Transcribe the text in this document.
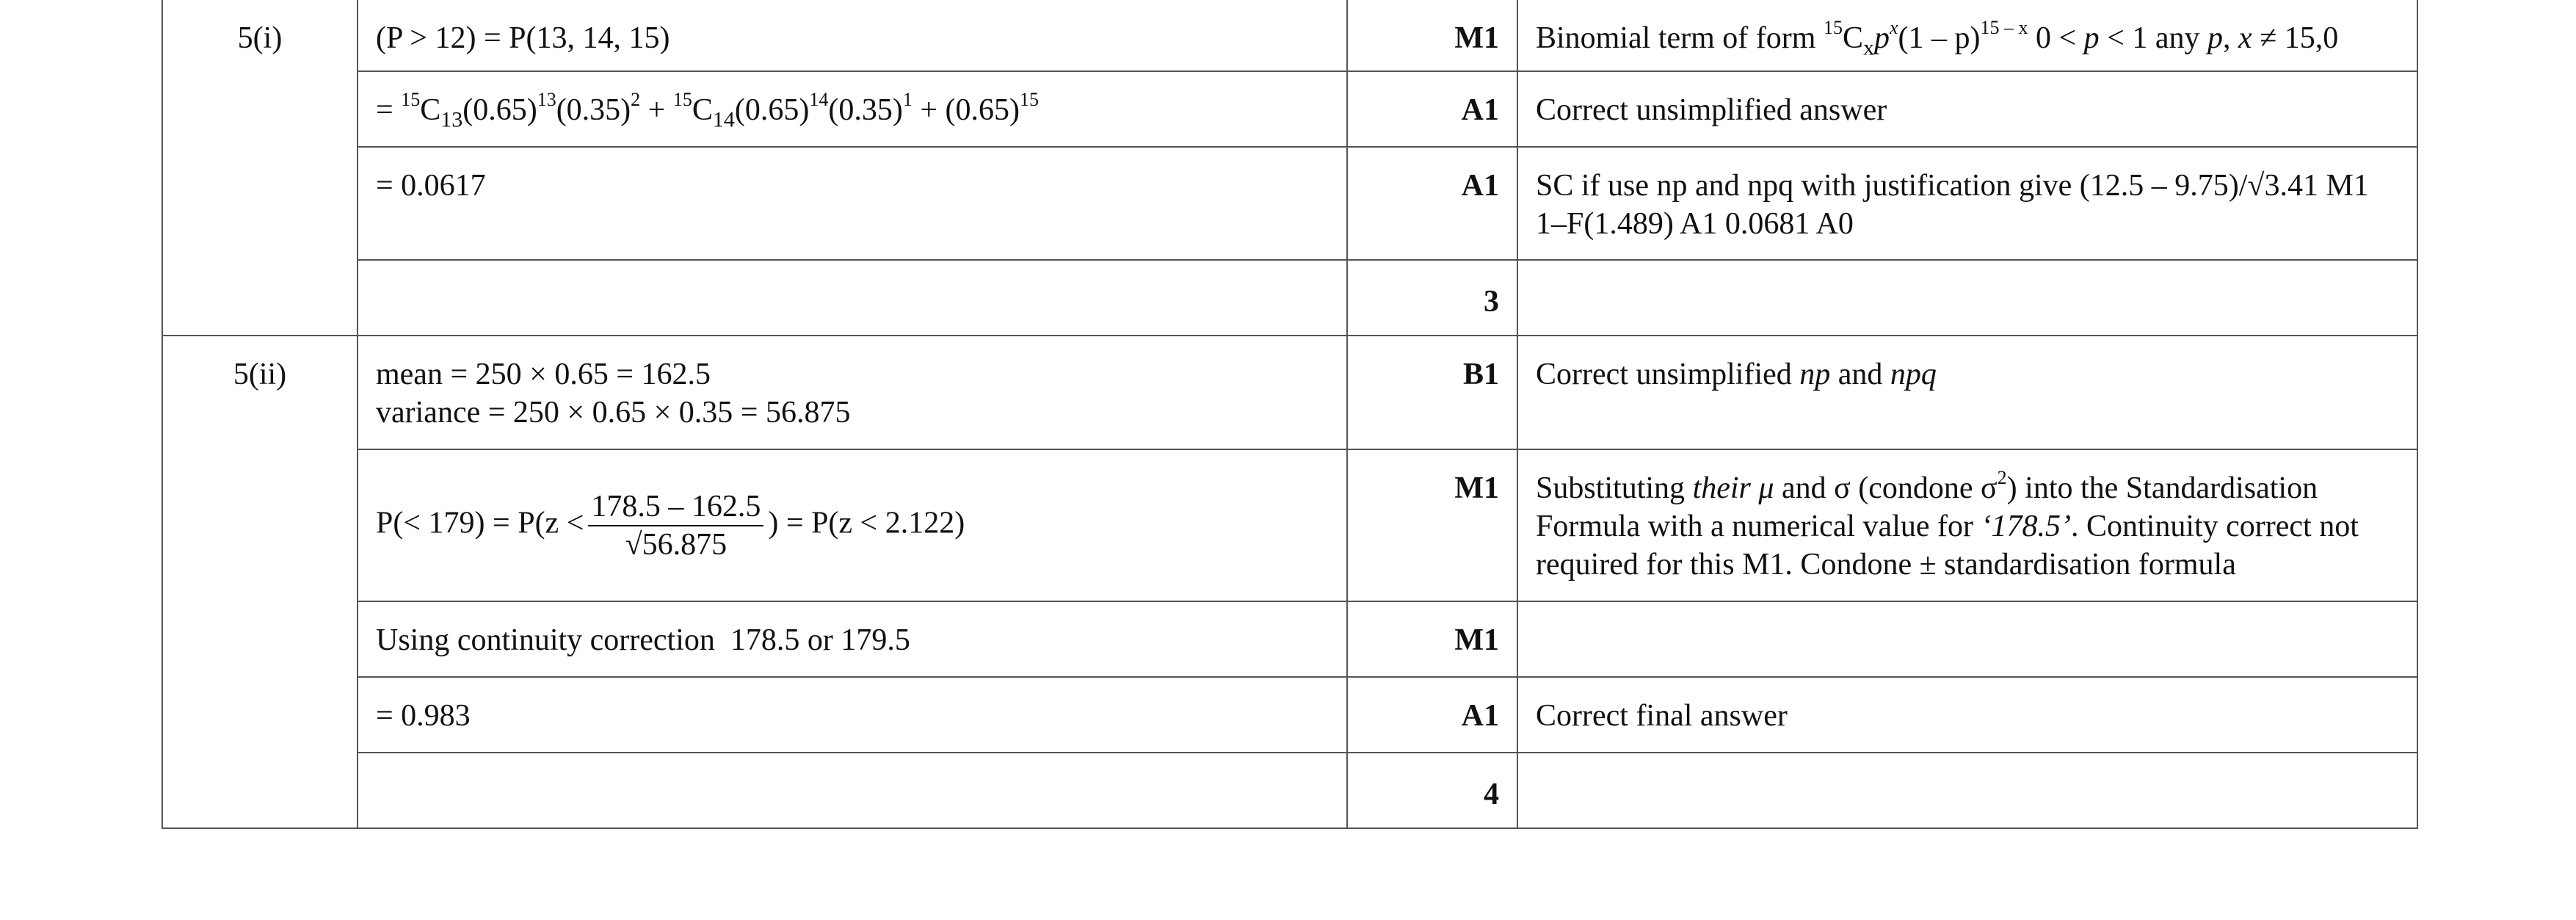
5(i)	(P > 12) = P(13, 14, 15)	M1	Binomial term of form $^{15}C_xp^x(1 - p)^{15 - x}$ 0 < p < 1 any p, x ≠ 15,0

	= $^{15}C_{13}(0.65)^{13}(0.35)^2 + ^{15}C_{14}(0.65)^{14}(0.35)^1 + (0.65)^{15}$	A1	Correct unsimplified answer

	= 0.0617	A1	SC if use np and npq with justification give (12.5 – 9.75)/√3.41 M1 1–F(1.489) A1 0.0681 A0

		3	
5(ii)	mean = 250 × 0.65 = 162.5
variance = 250 × 0.65 × 0.35 = 56.875	B1	Correct unsimplified np and npq

	$P(< 179) = P(z < \frac{178.5 - 162.5}{√56.875}$ ) = P(z < 2.122)	M1	Substituting their μ and σ (condone $\sigma^2$) into the Standardisation Formula with a numerical value for ‘178.5’. Continuity correct not required for this M1. Condone ± standardisation formula

	Using continuity correction  178.5 or 179.5	M1	

	= 0.983	A1	Correct final answer

		4	
